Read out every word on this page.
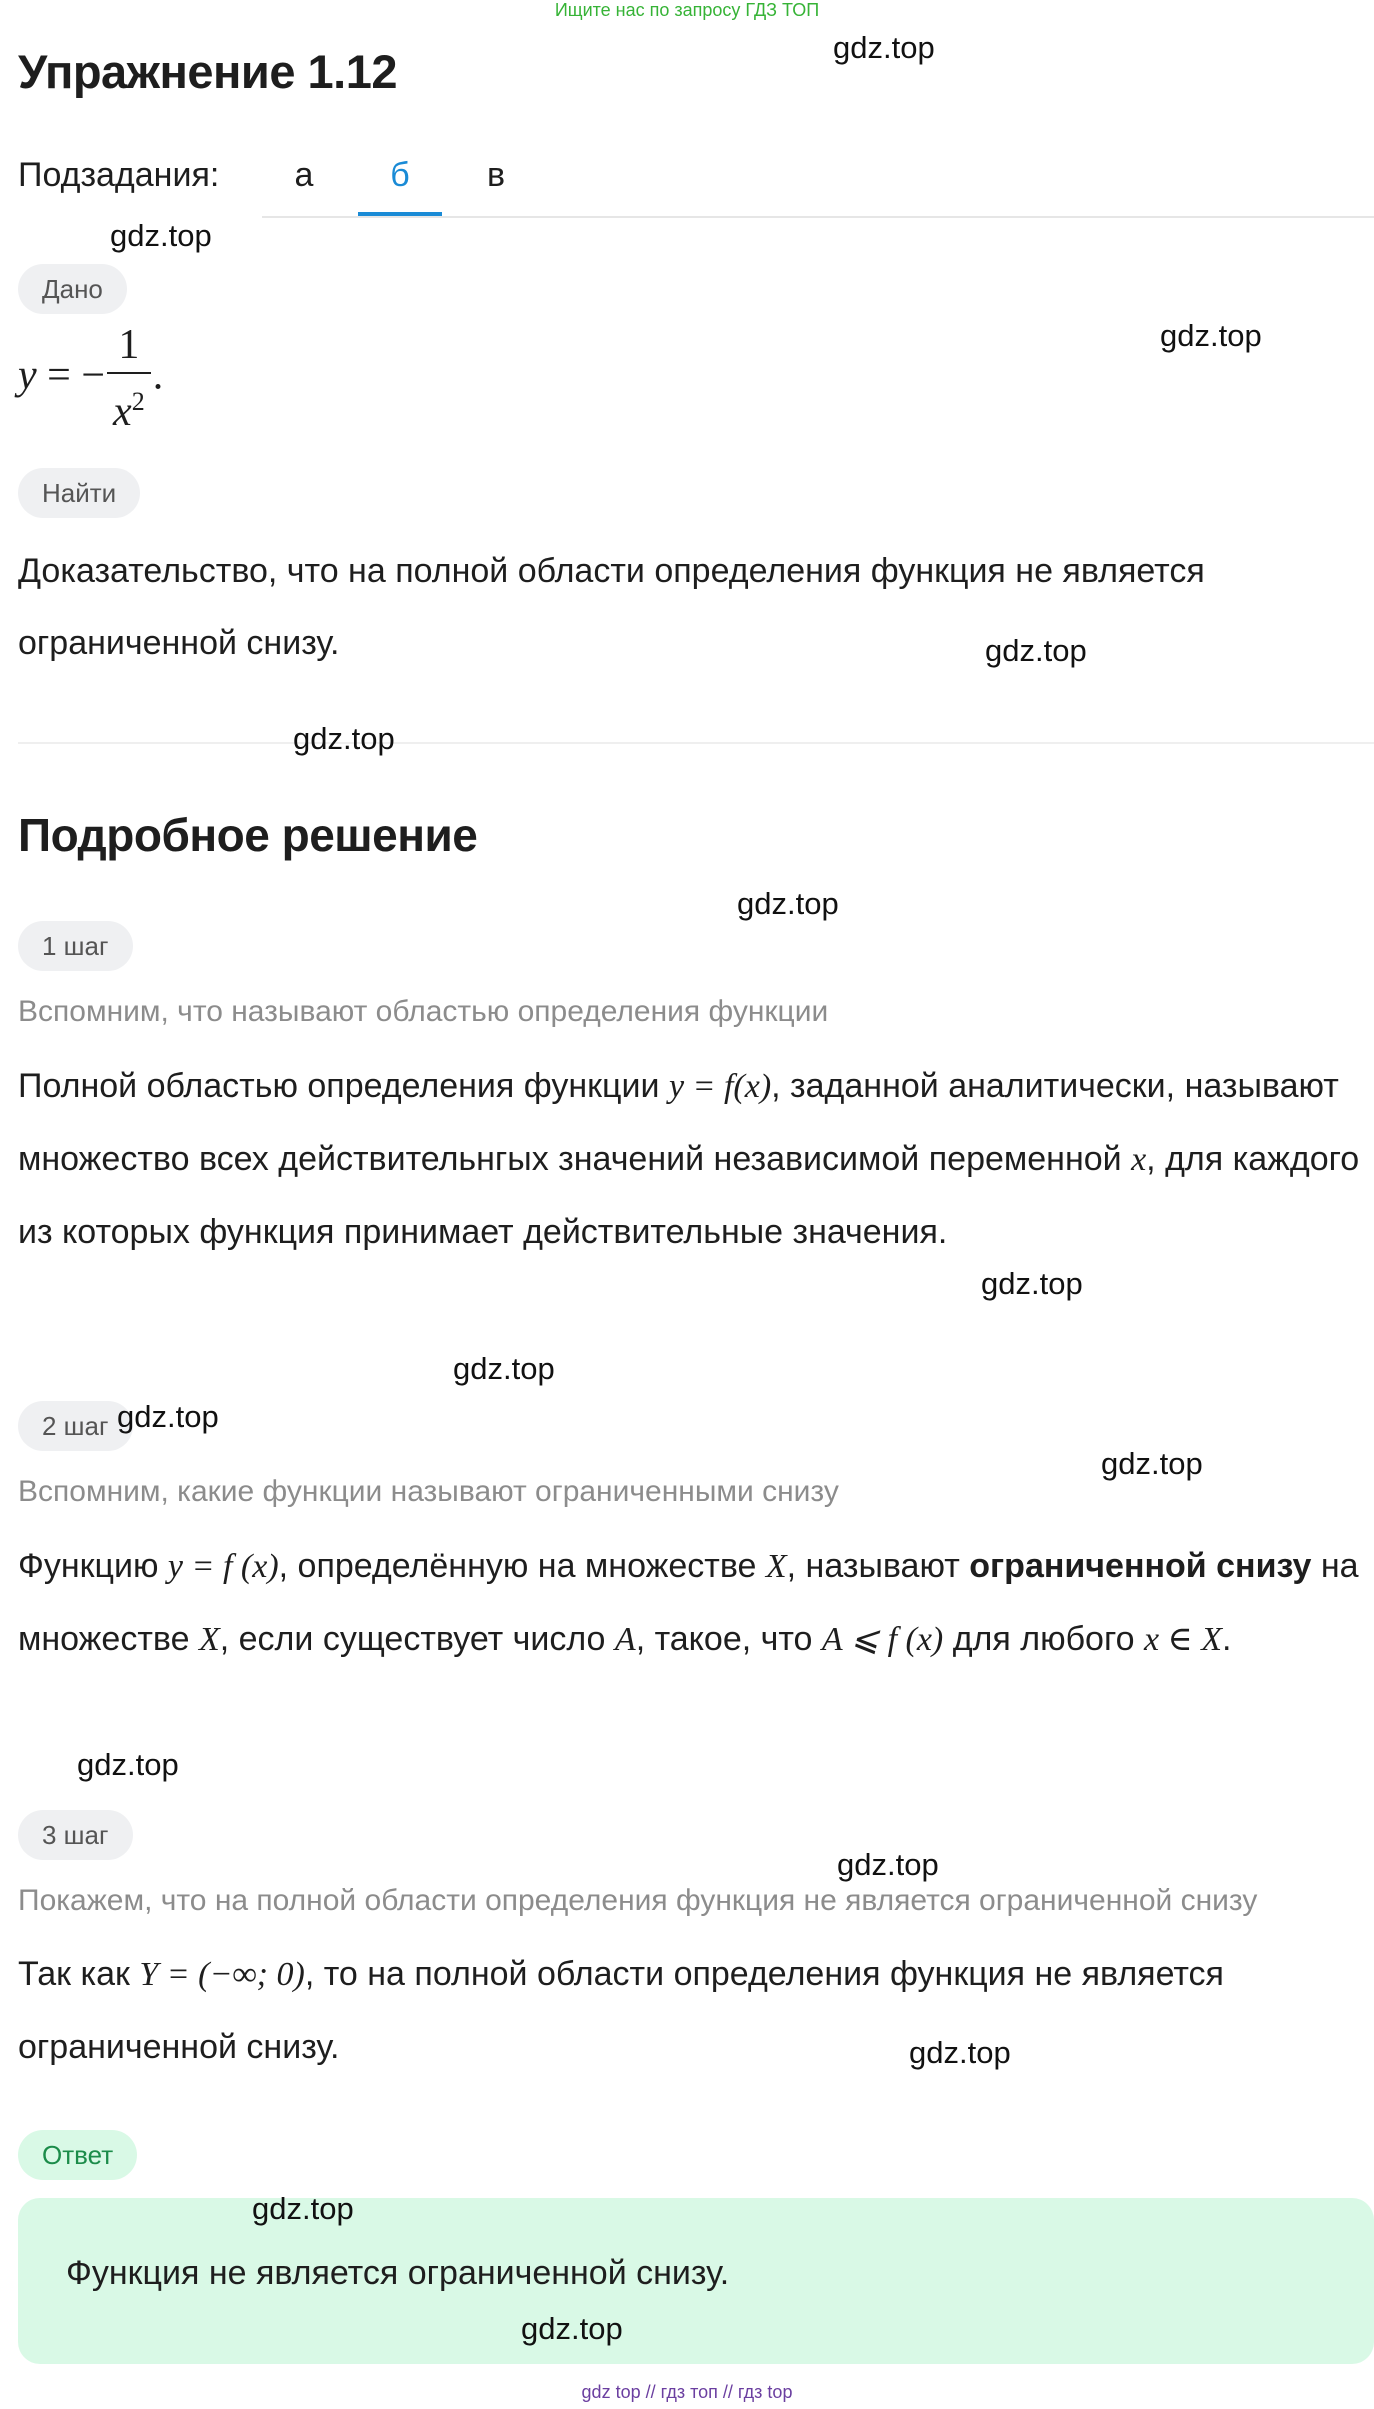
Ищите нас по запросу ГДЗ ТОП
Упражнение 1.12
Подзадания:	а	б	в
Дано
y = − $\frac{1}{x^2}$ .
Найти

Доказательство, что на полной области определения функция не является ограниченной снизу.

Подробное решение
1 шаг
Вспомним, что называют областью определения функции

Полной областью определения функции y = f(x), заданной аналитически, называют множество всех действительнгых значений независимой переменной x, для каждого из которых функция принимает действительные значения.

2 шаг
Вспомним, какие функции называют ограниченными снизу

Функцию y = f (x), определённую на множестве X, называют ограниченной снизу на множестве X, если существует число A, такое, что A ⩽ f (x) для любого x ∈ X.

3 шаг
Покажем, что на полной области определения функция не является ограниченной снизу

Так как Y = (−∞; 0), то на полной области определения функция не является ограниченной снизу.

Ответ
Функция не является ограниченной снизу.
gdz.top
gdz.top
gdz.top
gdz.top
gdz.top
gdz.top
gdz.top
gdz.top
gdz.top
gdz.top
gdz.top
gdz.top
gdz.top
gdz.top
gdz.top
gdz top // гдз топ // гдз top
